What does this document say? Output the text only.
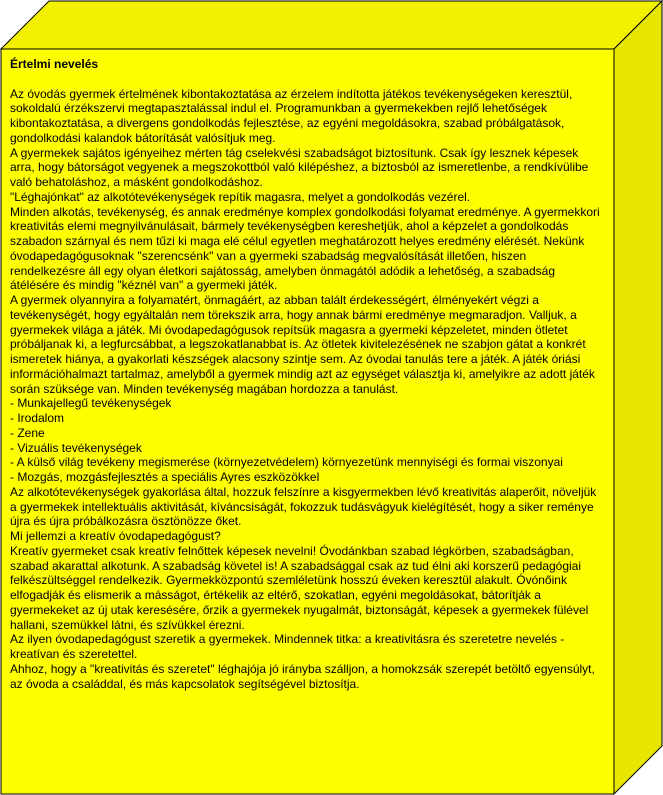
Értelmi nevelés

Az óvodás gyermek értelmének kibontakoztatása az érzelem indította játékos tevékenységeken keresztül, sokoldalú érzékszervi megtapasztalással indul el. Programunkban a gyermekekben rejlő lehetőségek kibontakoztatása, a divergens gondolkodás fejlesztése, az egyéni megoldásokra, szabad próbálgatások, gondolkodási kalandok bátorítását valósítjuk meg.

A gyermekek sajátos igényeihez mérten tág cselekvési szabadságot biztosítunk. Csak így lesznek képesek arra, hogy bátorságot vegyenek a megszokottból való kilépéshez, a biztosból az ismeretlenbe, a rendkívülibe való behatoláshoz, a másként gondolkodáshoz.

"Léghajónkat" az alkotótevékenységek repítik magasra, melyet a gondolkodás vezérel.

Minden alkotás, tevékenység, és annak eredménye komplex gondolkodási folyamat eredménye. A gyermekkori kreativitás elemi megnyilvánulásait, bármely tevékenységben kereshetjük, ahol a képzelet a gondolkodás szabadon szárnyal és nem tűzi ki maga elé célul egyetlen meghatározott helyes eredmény elérését. Nekünk óvodapedagógusoknak "szerencsénk" van a gyermeki szabadság megvalósítását illetően, hiszen rendelkezésre áll egy olyan életkori sajátosság, amelyben önmagától adódik a lehetőség, a szabadság átélésére és mindig "kéznél van" a gyermeki játék.

A gyermek olyannyira a folyamatért, önmagáért, az abban talált érdekességért, élményekért végzi a tevékenységét, hogy egyáltalán nem törekszik arra, hogy annak bármi eredménye megmaradjon. Valljuk, a gyermekek világa a játék. Mi óvodapedagógusok repítsük magasra a gyermeki képzeletet, minden ötletet próbáljanak ki, a legfurcsábbat, a legszokatlanabbat is. Az ötletek kivitelezésének ne szabjon gátat a konkrét ismeretek hiánya, a gyakorlati készségek alacsony szintje sem. Az óvodai tanulás tere a játék. A játék óriási információhalmazt tartalmaz, amelyből a gyermek mindig azt az egységet választja ki, amelyikre az adott játék során szüksége van. Minden tevékenység magában hordozza a tanulást.

- Munkajellegű tevékenységek

- Irodalom

- Zene

- Vizuális tevékenységek

- A külső világ tevékeny megismerése (környezetvédelem) környezetünk mennyiségi és formai viszonyai

- Mozgás, mozgásfejlesztés a speciális Ayres eszközökkel

Az alkotótevékenységek gyakorlása által, hozzuk felszínre a kisgyermekben lévő kreativitás alaperőit, növeljük a gyermekek intellektuális aktivitását, kíváncsiságát, fokozzuk tudásvágyuk kielégítését, hogy a siker reménye újra és újra próbálkozásra ösztönözze őket.

Mi jellemzi a kreatív óvodapedagógust?

Kreatív gyermeket csak kreatív felnőttek képesek nevelni! Óvodánkban szabad légkörben, szabadságban, szabad akarattal alkotunk. A szabadság követel is! A szabadsággal csak az tud élni aki korszerű pedagógiai felkészültséggel rendelkezik. Gyermekközpontú szemléletünk hosszú éveken keresztül alakult. Óvónőink elfogadják és elismerik a másságot, értékelik az eltérő, szokatlan, egyéni megoldásokat, bátorítják a gyermekeket az új utak keresésére, őrzik a gyermekek nyugalmát, biztonságát, képesek a gyermekek fülével hallani, szemükkel látni, és szívükkel érezni.

Az ilyen óvodapedagógust szeretik a gyermekek. Mindennek titka: a kreativitásra és szeretetre nevelés - kreatívan és szeretettel.

Ahhoz, hogy a "kreativitás és szeretet" léghajója jó irányba szálljon, a homokzsák szerepét betöltő egyensúlyt, az óvoda a családdal, és más kapcsolatok segítségével biztosítja.
